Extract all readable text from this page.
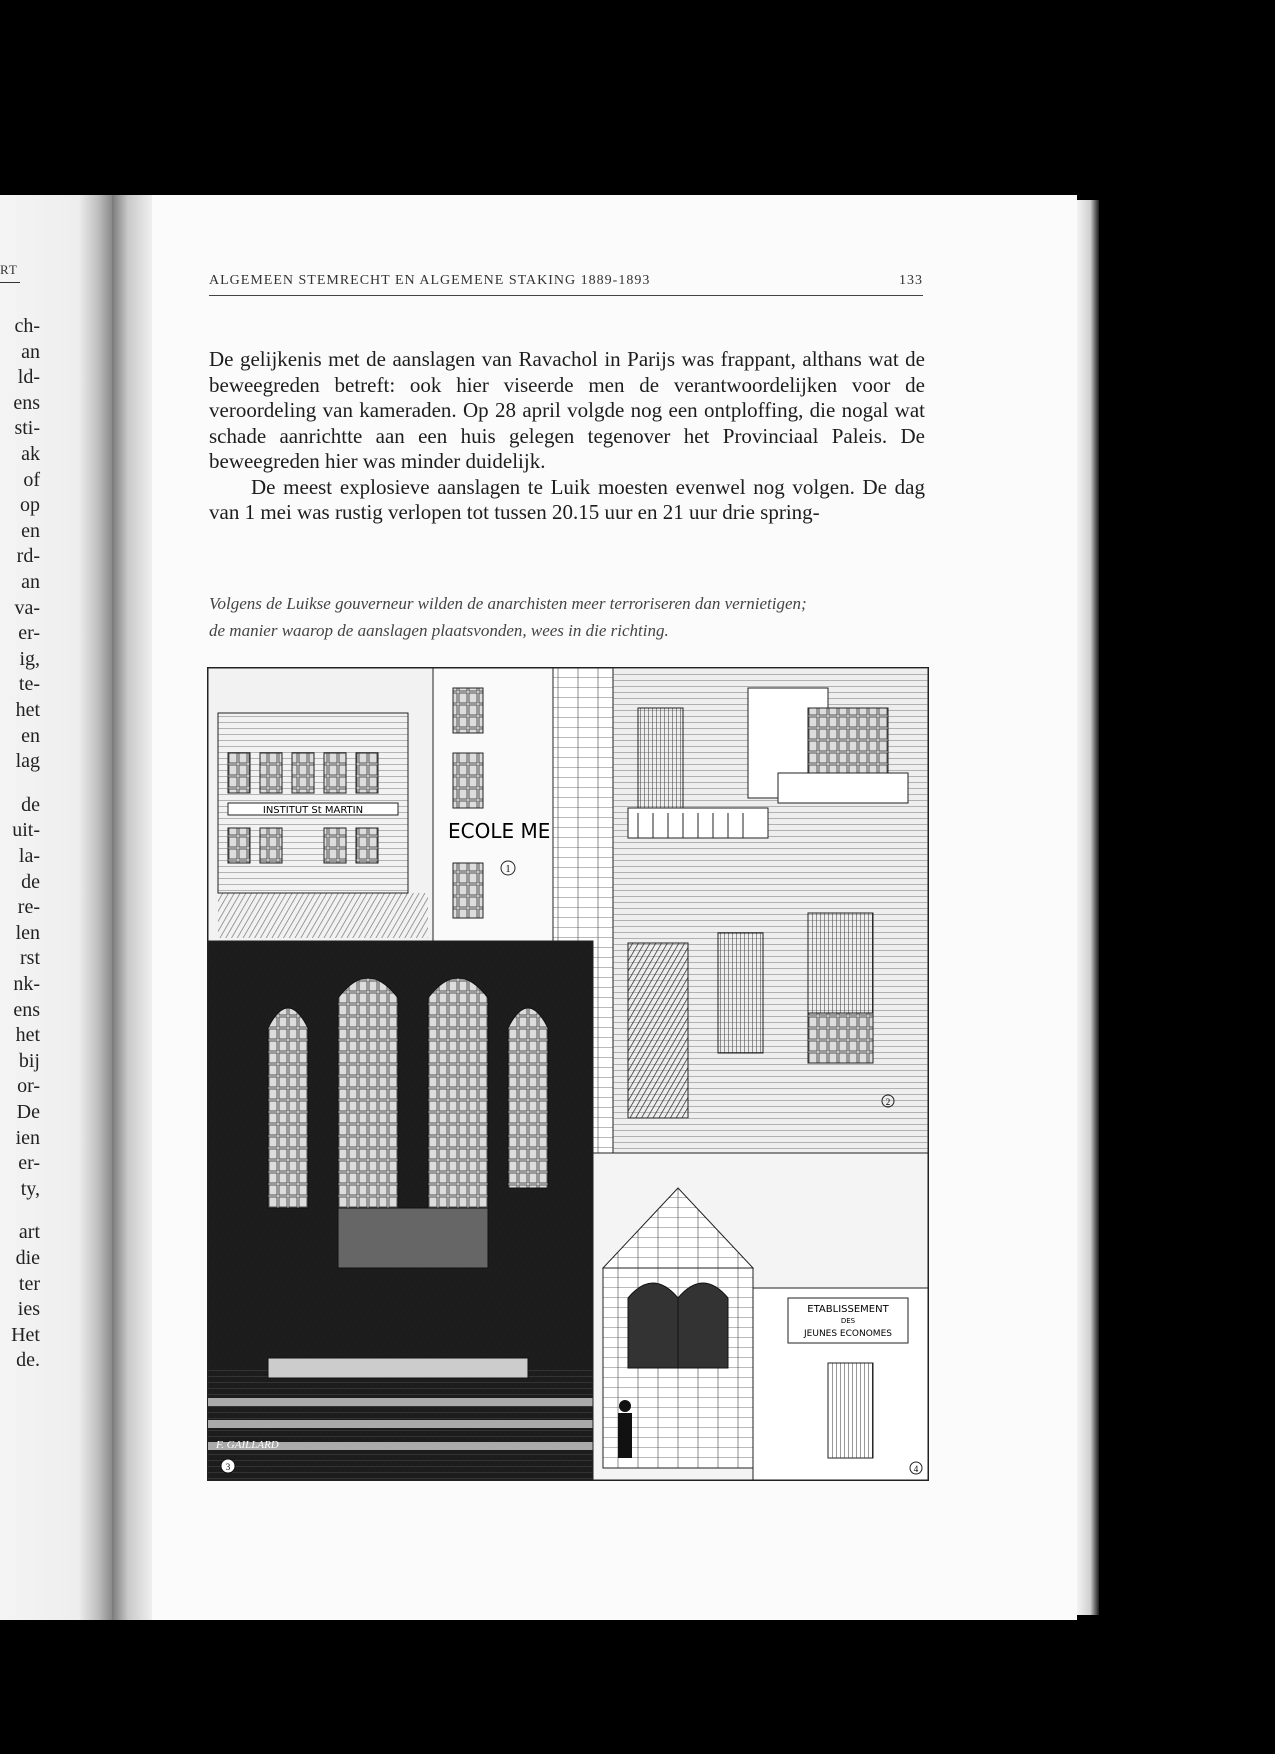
RT
ch-
an
ld-
ens
sti-
ak
of
op
en
rd-
an
va-
er-
ig,
te-
het
en
lag
de
uit-
la-
de
re-
len
rst
nk-
ens
het
bij
or-
De
ien
er-
ty,
art
die
ter
ies
Het
de.
ALGEMEEN STEMRECHT EN ALGEMENE STAKING 1889-1893	133

De gelijkenis met de aanslagen van Ravachol in Parijs was frappant, althans wat de beweegreden betreft: ook hier viseerde men de verantwoordelijken voor de veroordeling van kameraden. Op 28 april volgde nog een ontploffing, die nogal wat schade aanrichtte aan een huis gelegen tegenover het Provinciaal Paleis. De beweegreden hier was minder duidelijk.

De meest explosieve aanslagen te Luik moesten evenwel nog volgen. De dag van 1 mei was rustig verlopen tot tussen 20.15 uur en 21 uur drie spring-

Volgens de Luikse gouverneur wilden de anarchisten meer terroriseren dan vernietigen;
de manier waarop de aanslagen plaatsvonden, wees in die richting.
INSTITUT St MARTIN
ECOLE ME
1
2
F. GAILLARD
3
ETABLISSEMENT
DES
JEUNES ECONOMES
4
